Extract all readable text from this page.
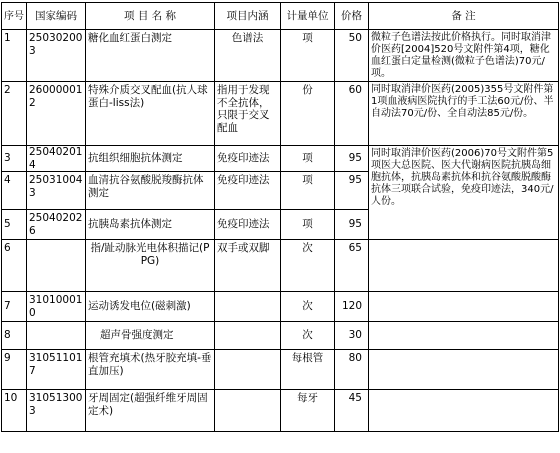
序号	国家编码	项 目 名 称	项目内涵	计量单位	价格	备 注
1	250302003	糖化血红蛋白测定	色谱法	项	50	微粒子色谱法按此价格执行。同时取消津价医药[2004]520号文附件第4项，糖化血红蛋白定量检测(微粒子色谱法)70元/项。
2	260000012	特殊介质交叉配血(抗人球蛋白-liss法)	指用于发现不全抗体，只限于交叉配血	份	60	同时取消津价医药(2005)355号文附件第1项血液病医院执行的手工法60元/份、半自动法70元/份、全自动法85元/份。
3	250402014	抗组织细胞抗体测定	免疫印迹法	项	95	同时取消津价医药(2006)70号文附件第5项医大总医院、医大代谢病医院抗胰岛细胞抗体，抗胰岛素抗体和抗谷氨酸脱酸酶抗体三项联合试验，免疫印迹法，340元/人份。
4	250310043	血清抗谷氨酸脱羧酶抗体测定	免疫印迹法	项	95	
5	250402026	抗胰岛素抗体测定	免疫印迹法	项	95	
6		指/趾动脉光电体积描记(PPG)	双手或双脚	次	65	
7	310100010	运动诱发电位(磁刺激)		次	120	
8		超声骨强度测定		次	30	
9	310511017	根管充填术(热牙胶充填-垂直加压)		每根管	80	
10	310513003	牙周固定(超强纤维牙周固定术)		每牙	45	
